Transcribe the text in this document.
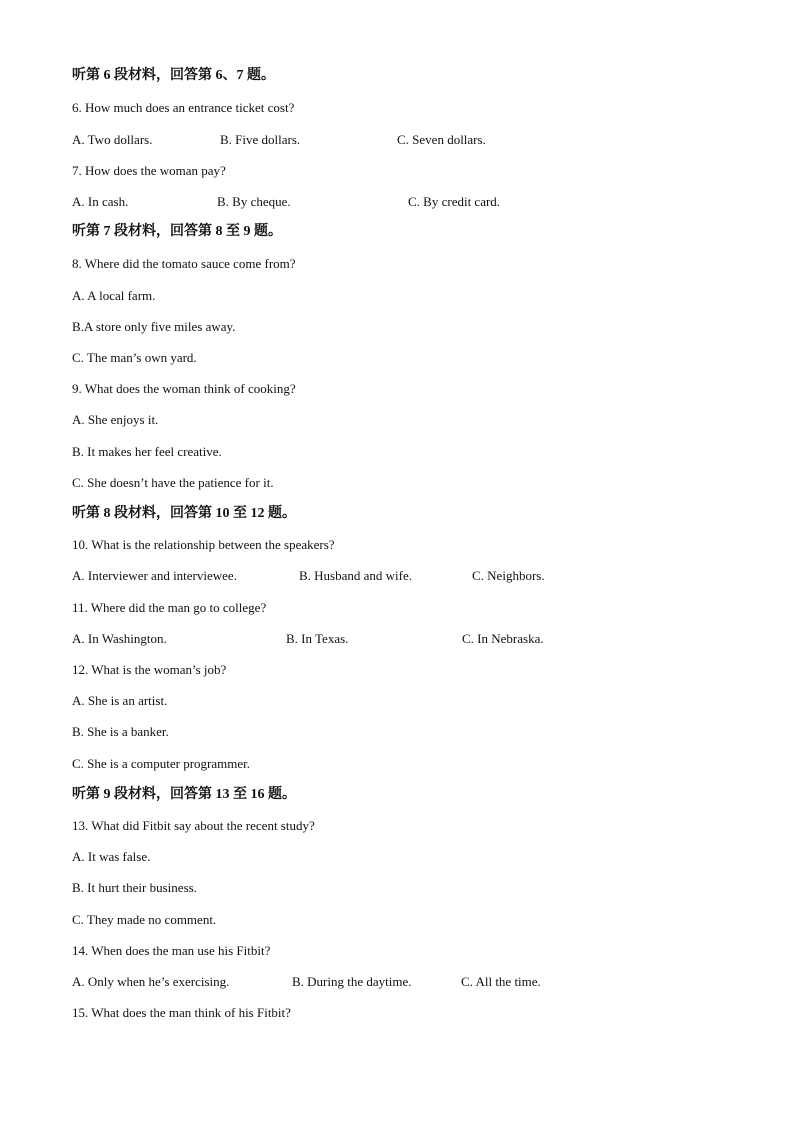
听第 6 段材料，回答第 6、7 题。
6. How much does an entrance ticket cost?
A. Two dollars.	B. Five dollars.	C. Seven dollars.
7. How does the woman pay?
A. In cash.	B. By cheque.	C. By credit card.
听第 7 段材料，回答第 8 至 9 题。
8. Where did the tomato sauce come from?
A. A local farm.
B.A store only five miles away.
C. The man’s own yard.
9. What does the woman think of cooking?
A. She enjoys it.
B. It makes her feel creative.
C. She doesn’t have the patience for it.
听第 8 段材料，回答第 10 至 12 题。
10. What is the relationship between the speakers?
A. Interviewer and interviewee.	B. Husband and wife.	C. Neighbors.
11. Where did the man go to college?
A. In Washington.	B. In Texas.	C. In Nebraska.
12. What is the woman’s job?
A. She is an artist.
B. She is a banker.
C. She is a computer programmer.
听第 9 段材料，回答第 13 至 16 题。
13. What did Fitbit say about the recent study?
A. It was false.
B. It hurt their business.
C. They made no comment.
14. When does the man use his Fitbit?
A. Only when he’s exercising.	B. During the daytime.	C. All the time.
15. What does the man think of his Fitbit?
